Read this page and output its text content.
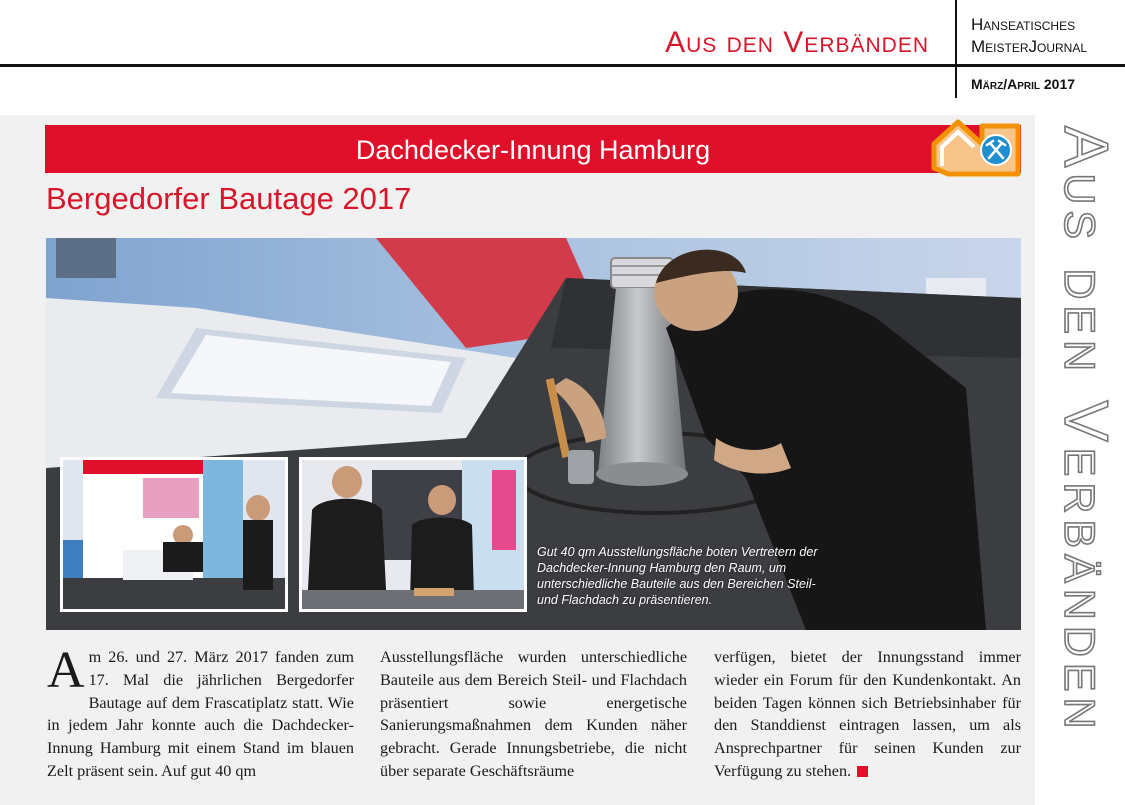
Aus den Verbänden
Hanseatisches
MeisterJournal
März/April 2017
Dachdecker-Innung Hamburg
Bergedorfer Bautage 2017
Gut 40 qm Ausstellungsfläche boten Vertretern der Dachdecker-Innung Hamburg den Raum, um unterschiedliche Bauteile aus den Bereichen Steil- und Flachdach zu präsentieren.
A m 26. und 27. März 2017 fanden zum 17. Mal die jährlichen Bergedorfer Bautage auf dem Frascatiplatz statt. Wie in jedem Jahr konnte auch die Dachdecker-Innung Hamburg mit einem Stand im blauen Zelt präsent sein. Auf gut 40 qm
Ausstellungsfläche wurden unterschiedliche Bauteile aus dem Bereich Steil- und Flachdach präsentiert sowie energetische Sanierungsmaßnahmen dem Kunden näher gebracht. Gerade Innungsbetriebe, die nicht über separate Geschäftsräume
verfügen, bietet der Innungsstand immer wieder ein Forum für den Kundenkontakt. An beiden Tagen können sich Betriebsinhaber für den Standdienst eintragen lassen, um als Ansprechpartner für seinen Kunden zur Verfügung zu stehen.
Aus den Verbänden
